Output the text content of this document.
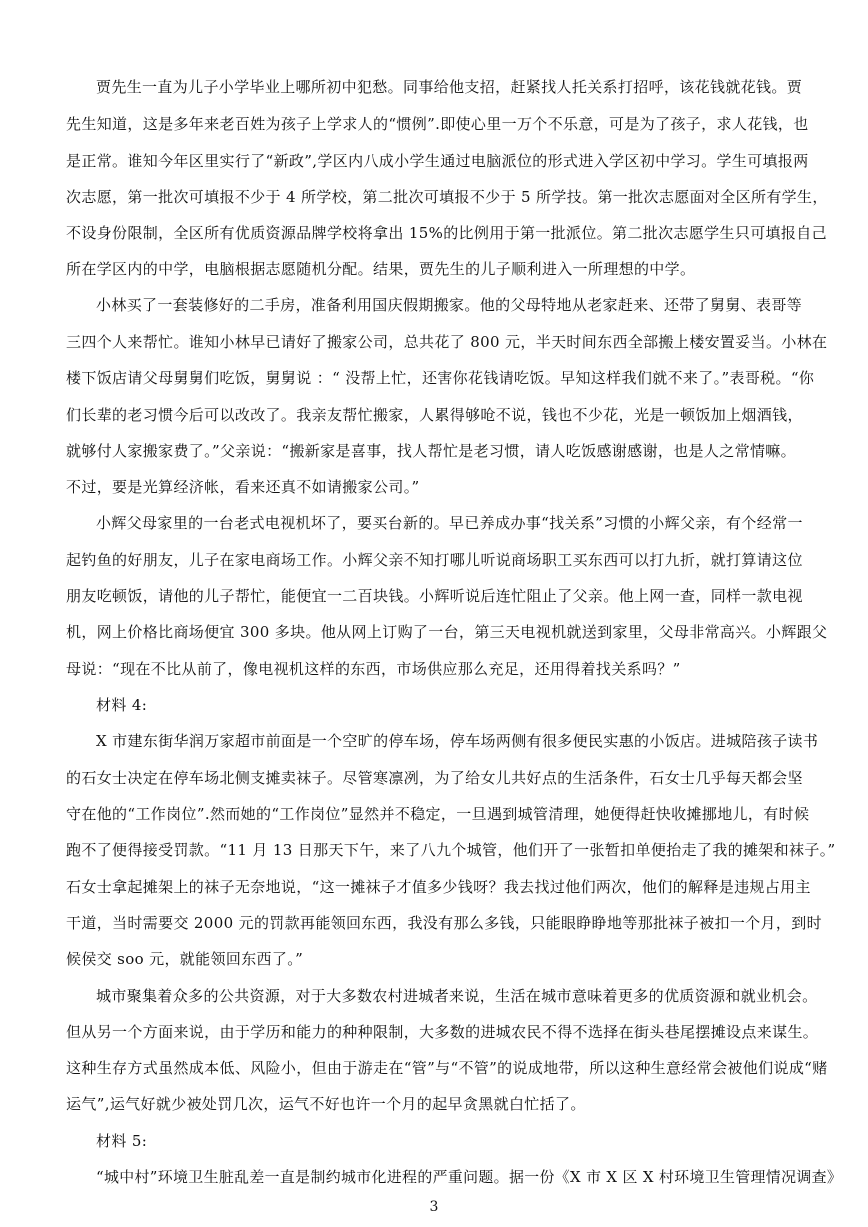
贾先生一直为儿子小学毕业上哪所初中犯愁。同事给他支招，赶紧找人托关系打招呼，该花钱就花钱。贾
先生知道，这是多年来老百姓为孩子上学求人的“惯例”.即使心里一万个不乐意，可是为了孩子，求人花钱，也
是正常。谁知今年区里实行了“新政”,学区内八成小学生通过电脑派位的形式进入学区初中学习。学生可填报两
次志愿，第一批次可填报不少于 4 所学校，第二批次可填报不少于 5 所学技。第一批次志愿面对全区所有学生，
不设身份限制，全区所有优质资源品牌学校将拿出 15%的比例用于第一批派位。第二批次志愿学生只可填报自己
所在学区内的中学，电脑根据志愿随机分配。结果，贾先生的儿子顺利进入一所理想的中学。
小林买了一套装修好的二手房，准备利用国庆假期搬家。他的父母特地从老家赶来、还带了舅舅、表哥等
三四个人来帮忙。谁知小林早已请好了搬家公司，总共花了 800 元，半天时间东西全部搬上楼安置妥当。小林在
楼下饭店请父母舅舅们吃饭，舅舅说 ：“ 没帮上忙，还害你花钱请吃饭。早知这样我们就不来了。”表哥税。“你
们长辈的老习惯今后可以改改了。我亲友帮忙搬家，人累得够呛不说，钱也不少花，光是一顿饭加上烟酒钱，
就够付人家搬家费了。”父亲说：“搬新家是喜事，找人帮忙是老习惯，请人吃饭感谢感谢，也是人之常情嘛。
不过，要是光算经济帐，看来还真不如请搬家公司。”
小辉父母家里的一台老式电视机坏了，要买台新的。早已养成办事“找关系”习惯的小辉父亲，有个经常一
起钓鱼的好朋友，儿子在家电商场工作。小辉父亲不知打哪儿听说商场职工买东西可以打九折，就打算请这位
朋友吃顿饭，请他的儿子帮忙，能便宜一二百块钱。小辉听说后连忙阻止了父亲。他上网一查，同样一款电视
机，网上价格比商场便宜 300 多块。他从网上订购了一台，第三天电视机就送到家里，父母非常高兴。小辉跟父
母说：“现在不比从前了，像电视机这样的东西，市场供应那么充足，还用得着找关系吗？”
材料 4:
X 市建东街华润万家超市前面是一个空旷的停车场，停车场两侧有很多便民实惠的小饭店。进城陪孩子读书
的石女士决定在停车场北侧支摊卖袜子。尽管寒凛冽，为了给女儿共好点的生活条件，石女士几乎每天都会坚
守在他的“工作岗位”.然而她的“工作岗位”显然并不稳定，一旦遇到城管清理，她便得赶快收摊挪地儿，有时候
跑不了便得接受罚款。“11 月 13 日那天下午，来了八九个城管，他们开了一张暂扣单便抬走了我的摊架和袜子。”
石女士拿起摊架上的袜子无奈地说，“这一摊袜子才值多少钱呀？我去找过他们两次，他们的解释是违规占用主
干道，当时需要交 2000 元的罚款再能领回东西，我没有那么多钱，只能眼睁睁地等那批袜子被扣一个月，到时
候侯交 soo 元，就能领回东西了。”
城市聚集着众多的公共资源，对于大多数农村进城者来说，生活在城市意味着更多的优质资源和就业机会。
但从另一个方面来说，由于学历和能力的种种限制，大多数的进城农民不得不选择在街头巷尾摆摊设点来谋生。
这种生存方式虽然成本低、风险小，但由于游走在“管”与“不管”的说成地带，所以这种生意经常会被他们说成“赌
运气”,运气好就少被处罚几次，运气不好也许一个月的起早贪黑就白忙括了。
材料 5:
“城中村”环境卫生脏乱差一直是制约城市化进程的严重问题。据一份《X 市 X 区 X 村环境卫生管理情况调查》
3
